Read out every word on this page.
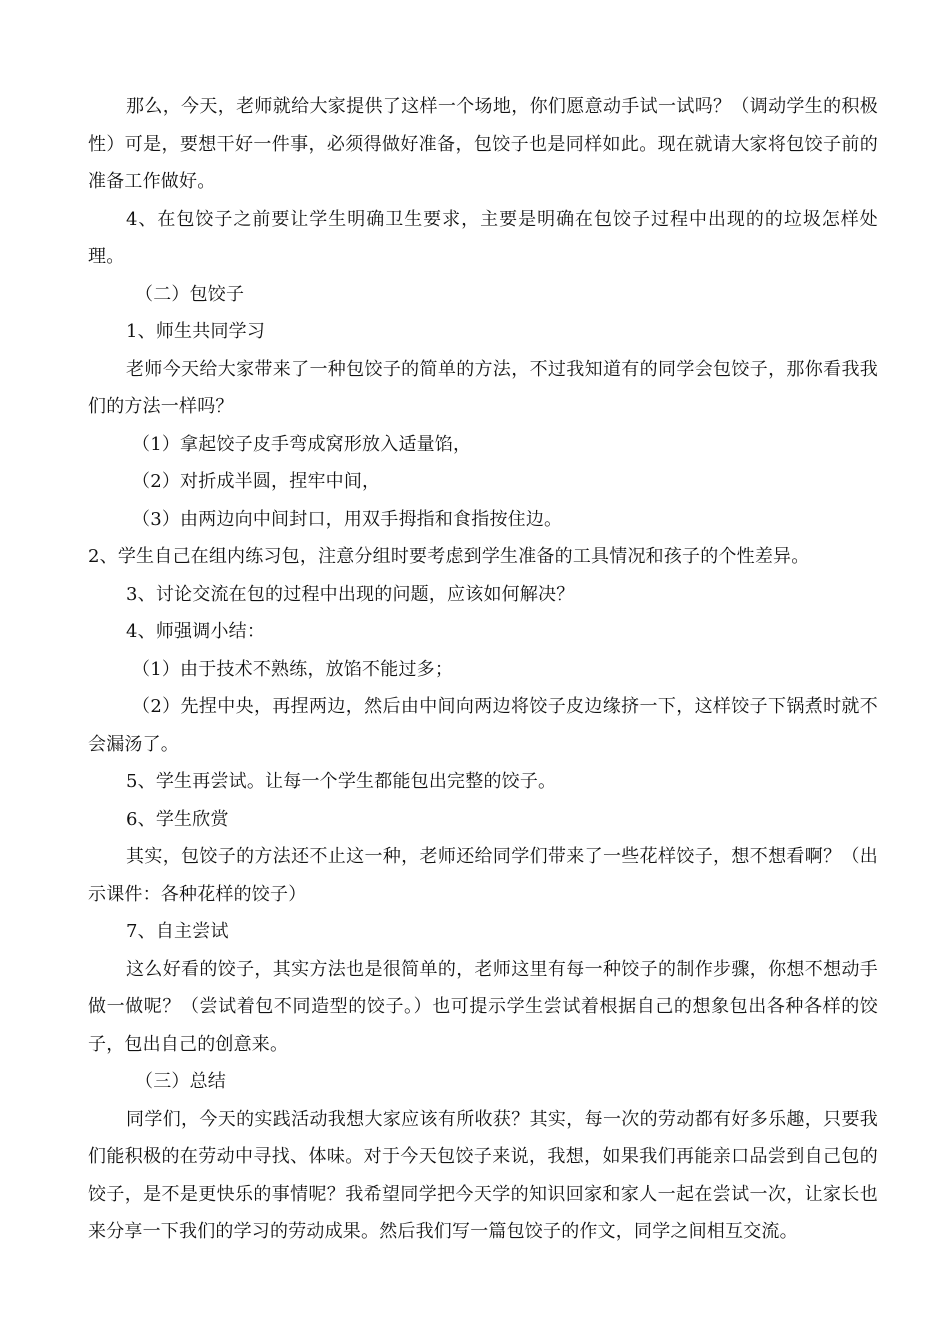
那么，今天，老师就给大家提供了这样一个场地，你们愿意动手试一试吗？（调动学生的积极性）可是，要想干好一件事，必须得做好准备，包饺子也是同样如此。现在就请大家将包饺子前的准备工作做好。

4、在包饺子之前要让学生明确卫生要求，主要是明确在包饺子过程中出现的的垃圾怎样处理。

（二）包饺子

1、师生共同学习

老师今天给大家带来了一种包饺子的简单的方法，不过我知道有的同学会包饺子，那你看我我们的方法一样吗？

（1）拿起饺子皮手弯成窝形放入适量馅，

（2）对折成半圆，捏牢中间，

（3）由两边向中间封口，用双手拇指和食指按住边。

2、学生自己在组内练习包，注意分组时要考虑到学生准备的工具情况和孩子的个性差异。

3、讨论交流在包的过程中出现的问题，应该如何解决？

4、师强调小结：

（1）由于技术不熟练，放馅不能过多；

（2）先捏中央，再捏两边，然后由中间向两边将饺子皮边缘挤一下，这样饺子下锅煮时就不会漏汤了。

5、学生再尝试。让每一个学生都能包出完整的饺子。

6、学生欣赏

其实，包饺子的方法还不止这一种，老师还给同学们带来了一些花样饺子，想不想看啊？（出示课件：各种花样的饺子）

7、自主尝试

这么好看的饺子，其实方法也是很简单的，老师这里有每一种饺子的制作步骤，你想不想动手做一做呢？（尝试着包不同造型的饺子。）也可提示学生尝试着根据自己的想象包出各种各样的饺子，包出自己的创意来。

（三）总结

同学们，今天的实践活动我想大家应该有所收获？其实，每一次的劳动都有好多乐趣，只要我们能积极的在劳动中寻找、体味。对于今天包饺子来说，我想，如果我们再能亲口品尝到自己包的饺子，是不是更快乐的事情呢？我希望同学把今天学的知识回家和家人一起在尝试一次，让家长也来分享一下我们的学习的劳动成果。然后我们写一篇包饺子的作文，同学之间相互交流。
